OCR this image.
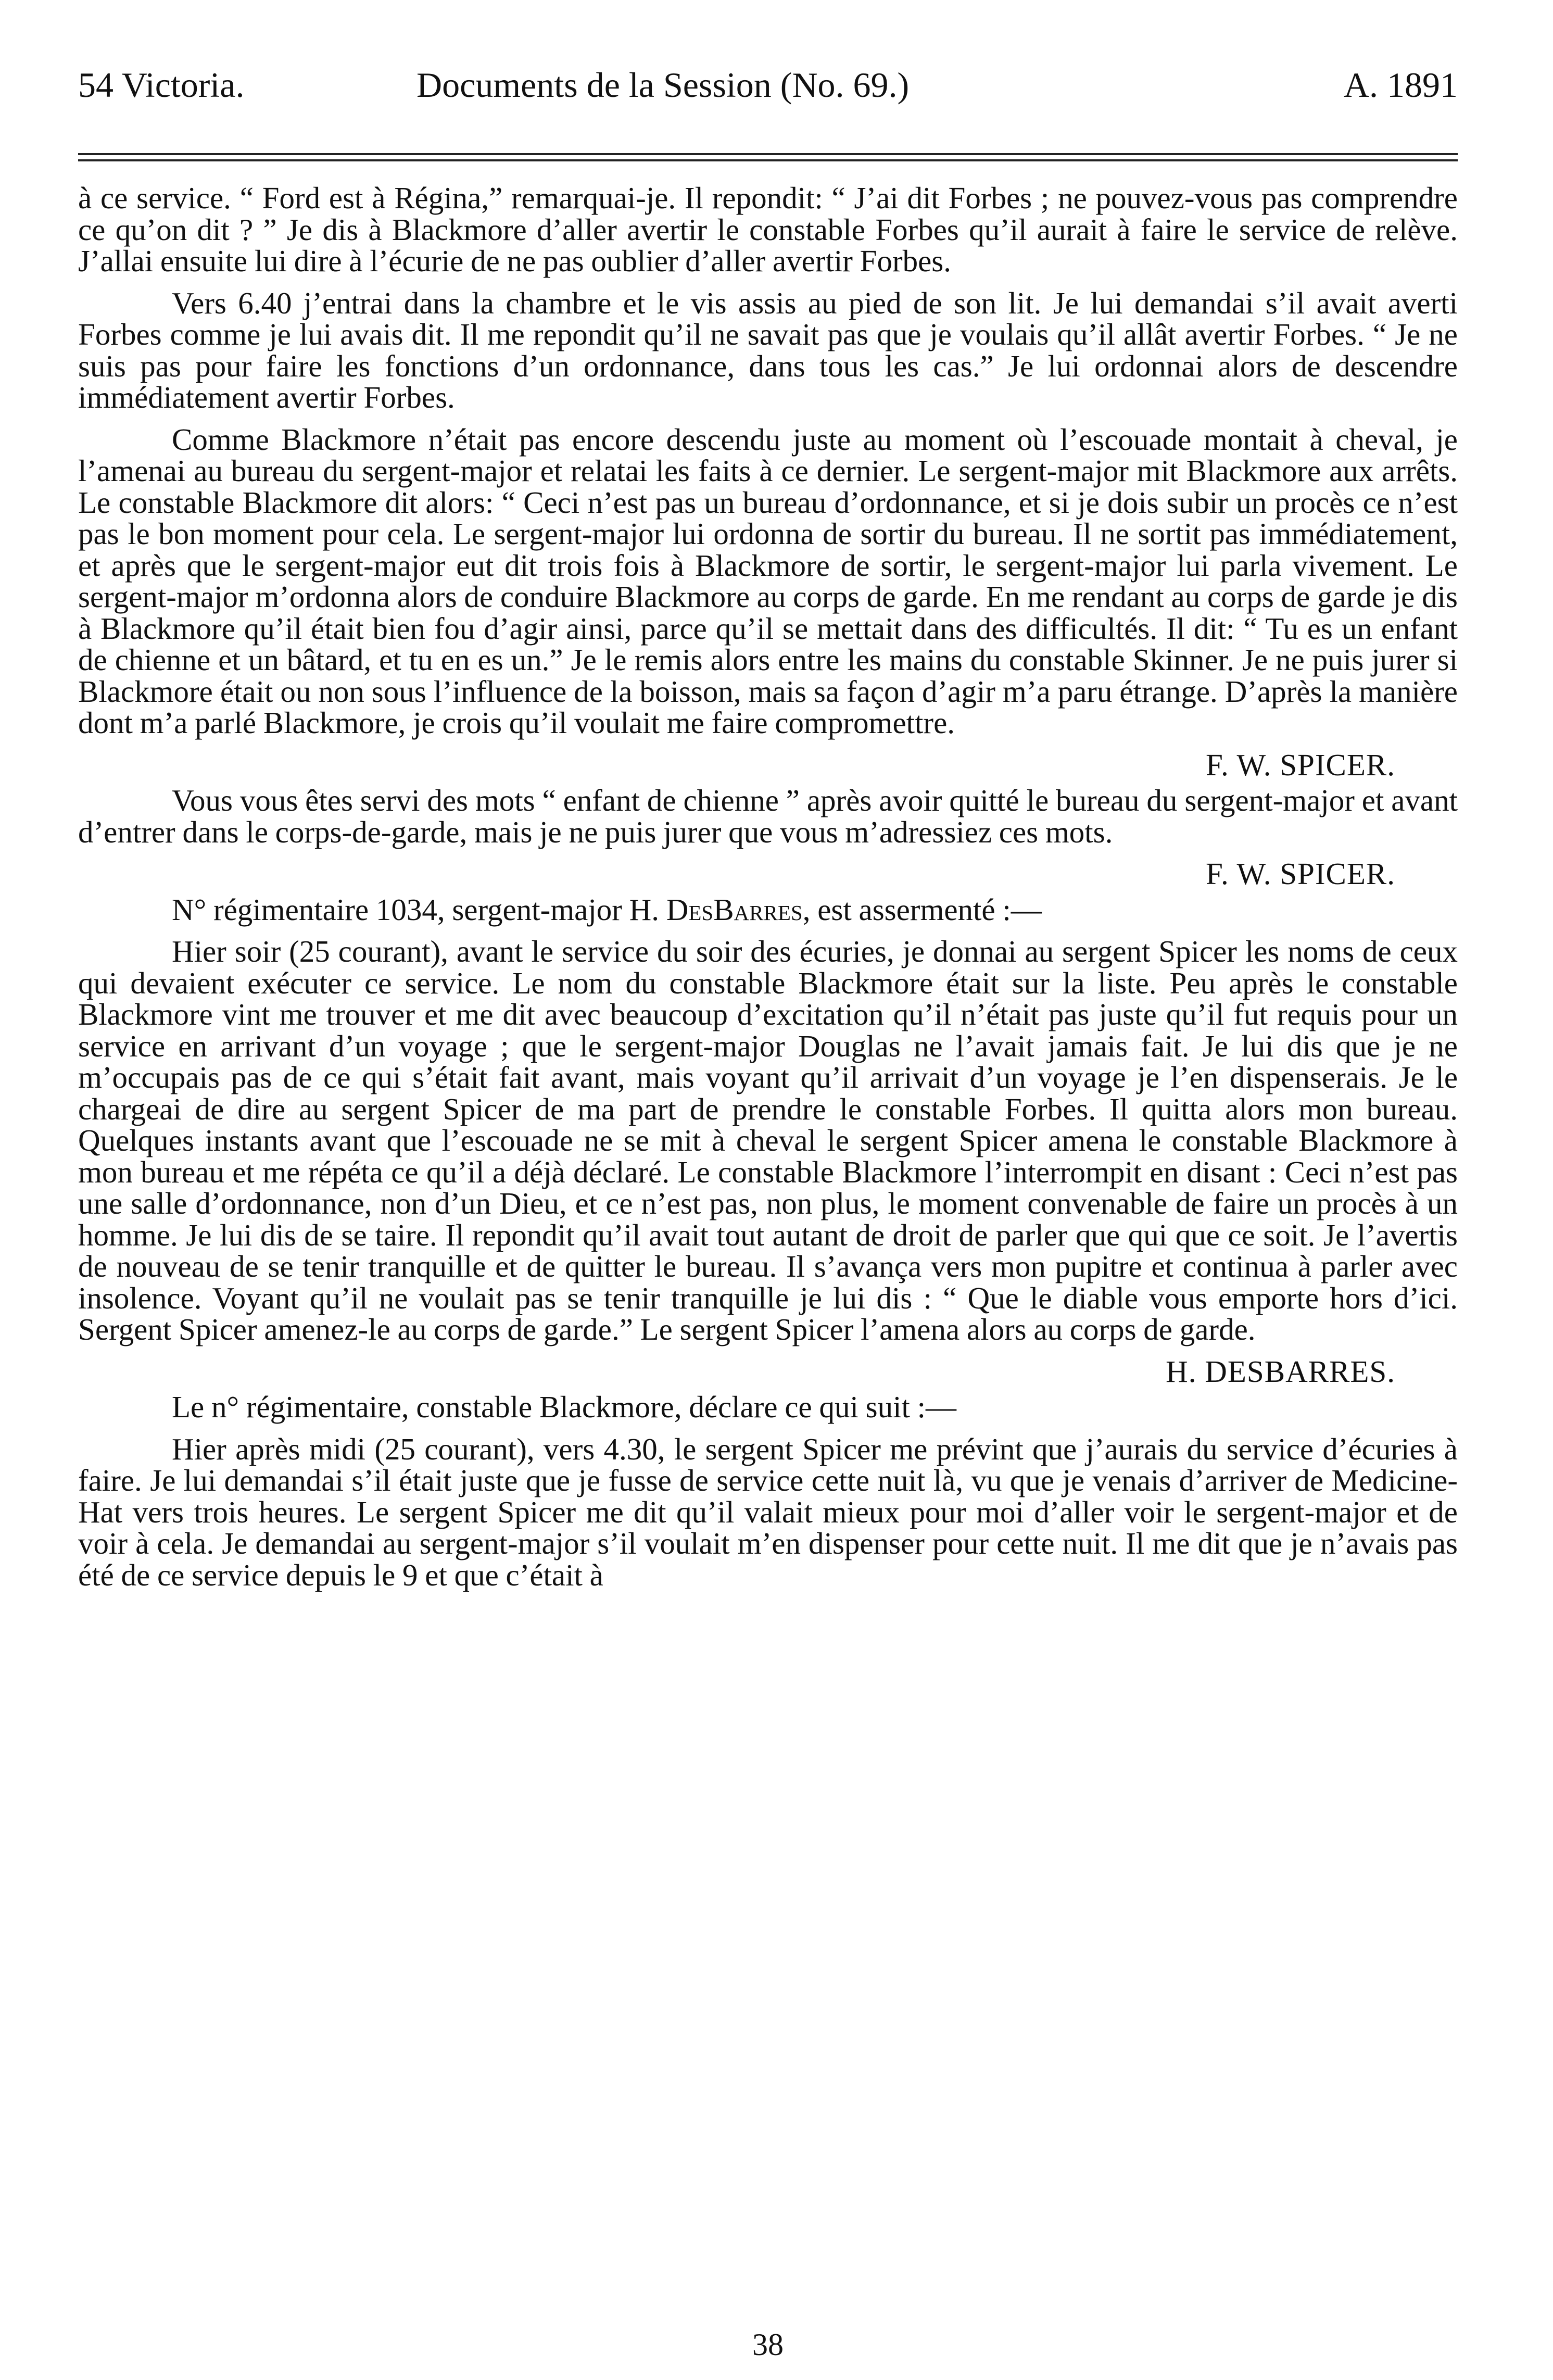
54 Victoria.	Documents de la Session (No. 69.)	A. 1891

à ce service. “ Ford est à Régina,” remarquai-je. Il repondit: “ J’ai dit Forbes ; ne pouvez-vous pas comprendre ce qu’on dit ? ” Je dis à Blackmore d’aller avertir le constable Forbes qu’il aurait à faire le service de relève. J’allai ensuite lui dire à l’écurie de ne pas oublier d’aller avertir Forbes.

Vers 6.40 j’entrai dans la chambre et le vis assis au pied de son lit. Je lui demandai s’il avait averti Forbes comme je lui avais dit. Il me repondit qu’il ne savait pas que je voulais qu’il allât avertir Forbes. “ Je ne suis pas pour faire les fonctions d’un ordonnance, dans tous les cas.” Je lui ordonnai alors de descendre immédiatement avertir Forbes.

Comme Blackmore n’était pas encore descendu juste au moment où l’escouade montait à cheval, je l’amenai au bureau du sergent-major et relatai les faits à ce dernier. Le sergent-major mit Blackmore aux arrêts. Le constable Blackmore dit alors: “ Ceci n’est pas un bureau d’ordonnance, et si je dois subir un procès ce n’est pas le bon moment pour cela. Le sergent-major lui ordonna de sortir du bureau. Il ne sortit pas immédiatement, et après que le sergent-major eut dit trois fois à Blackmore de sortir, le sergent-major lui parla vivement. Le sergent-major m’ordonna alors de conduire Blackmore au corps de garde. En me rendant au corps de garde je dis à Blackmore qu’il était bien fou d’agir ainsi, parce qu’il se mettait dans des difficultés. Il dit: “ Tu es un enfant de chienne et un bâtard, et tu en es un.” Je le remis alors entre les mains du constable Skinner. Je ne puis jurer si Blackmore était ou non sous l’influence de la boisson, mais sa façon d’agir m’a paru étrange. D’après la manière dont m’a parlé Blackmore, je crois qu’il voulait me faire compromettre.

F. W. SPICER.

Vous vous êtes servi des mots “ enfant de chienne ” après avoir quitté le bureau du sergent-major et avant d’entrer dans le corps-de-garde, mais je ne puis jurer que vous m’adressiez ces mots.

F. W. SPICER.

N° régimentaire 1034, sergent-major H. DesBarres, est assermenté :—

Hier soir (25 courant), avant le service du soir des écuries, je donnai au sergent Spicer les noms de ceux qui devaient exécuter ce service. Le nom du constable Blackmore était sur la liste. Peu après le constable Blackmore vint me trouver et me dit avec beaucoup d’excitation qu’il n’était pas juste qu’il fut requis pour un service en arrivant d’un voyage ; que le sergent-major Douglas ne l’avait jamais fait. Je lui dis que je ne m’occupais pas de ce qui s’était fait avant, mais voyant qu’il arrivait d’un voyage je l’en dispenserais. Je le chargeai de dire au sergent Spicer de ma part de prendre le constable Forbes. Il quitta alors mon bureau. Quelques instants avant que l’escouade ne se mit à cheval le sergent Spicer amena le constable Blackmore à mon bureau et me répéta ce qu’il a déjà déclaré. Le constable Blackmore l’interrompit en disant : Ceci n’est pas une salle d’ordonnance, non d’un Dieu, et ce n’est pas, non plus, le moment convenable de faire un procès à un homme. Je lui dis de se taire. Il repondit qu’il avait tout autant de droit de parler que qui que ce soit. Je l’avertis de nouveau de se tenir tranquille et de quitter le bureau. Il s’avança vers mon pupitre et continua à parler avec insolence. Voyant qu’il ne voulait pas se tenir tranquille je lui dis : “ Que le diable vous emporte hors d’ici. Sergent Spicer amenez-le au corps de garde.” Le sergent Spicer l’amena alors au corps de garde.

H. DESBARRES.

Le n° régimentaire, constable Blackmore, déclare ce qui suit :—

Hier après midi (25 courant), vers 4.30, le sergent Spicer me prévint que j’aurais du service d’écuries à faire. Je lui demandai s’il était juste que je fusse de service cette nuit là, vu que je venais d’arriver de Medicine-Hat vers trois heures. Le sergent Spicer me dit qu’il valait mieux pour moi d’aller voir le sergent-major et de voir à cela. Je demandai au sergent-major s’il voulait m’en dispenser pour cette nuit. Il me dit que je n’avais pas été de ce service depuis le 9 et que c’était à

38
